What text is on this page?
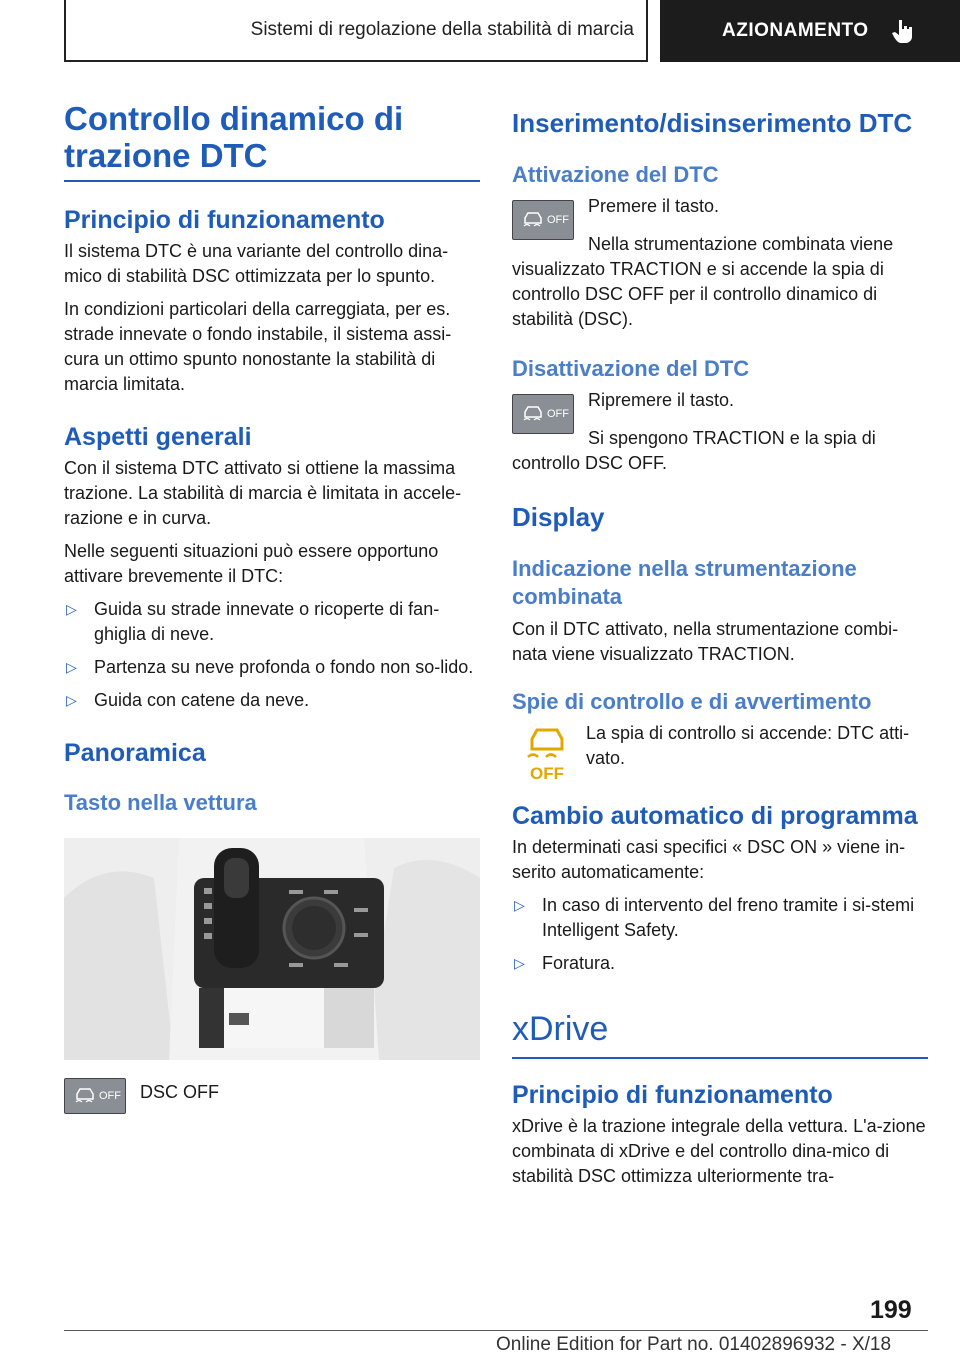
Sistemi di regolazione della stabilità di marcia	AZIONAMENTO
Controllo dinamico di trazione DTC
Principio di funzionamento

Il sistema DTC è una variante del controllo dina-mico di stabilità DSC ottimizzata per lo spunto.

In condizioni particolari della carreggiata, per es. strade innevate o fondo instabile, il sistema assi-cura un ottimo spunto nonostante la stabilità di marcia limitata.

Aspetti generali

Con il sistema DTC attivato si ottiene la massima trazione. La stabilità di marcia è limitata in accele-razione e in curva.

Nelle seguenti situazioni può essere opportuno attivare brevemente il DTC:

▷ Guida su strade innevate o ricoperte di fan-ghiglia di neve.
▷ Partenza su neve profonda o fondo non so-lido.
▷ Guida con catene da neve.
Panoramica
Tasto nella vettura
OFF DSC OFF

Inserimento/disinserimento DTC
Attivazione del DTC
OFF

Premere il tasto.

Nella strumentazione combinata viene visualizzato TRACTION e si accende la spia di controllo DSC OFF per il controllo dinamico di stabilità (DSC).

Disattivazione del DTC
OFF

Ripremere il tasto.

Si spengono TRACTION e la spia di controllo DSC OFF.

Display
Indicazione nella strumentazione combinata

Con il DTC attivato, nella strumentazione combi-nata viene visualizzato TRACTION.

Spie di controllo e di avvertimento
OFF

La spia di controllo si accende: DTC atti-vato.

Cambio automatico di programma

In determinati casi specifici « DSC ON » viene in-serito automaticamente:

▷ In caso di intervento del freno tramite i si-stemi Intelligent Safety.
▷ Foratura.
xDrive
Principio di funzionamento

xDrive è la trazione integrale della vettura. L'a-zione combinata di xDrive e del controllo dina-mico di stabilità DSC ottimizza ulteriormente tra-

199
Online Edition for Part no. 01402896932 - X/18
